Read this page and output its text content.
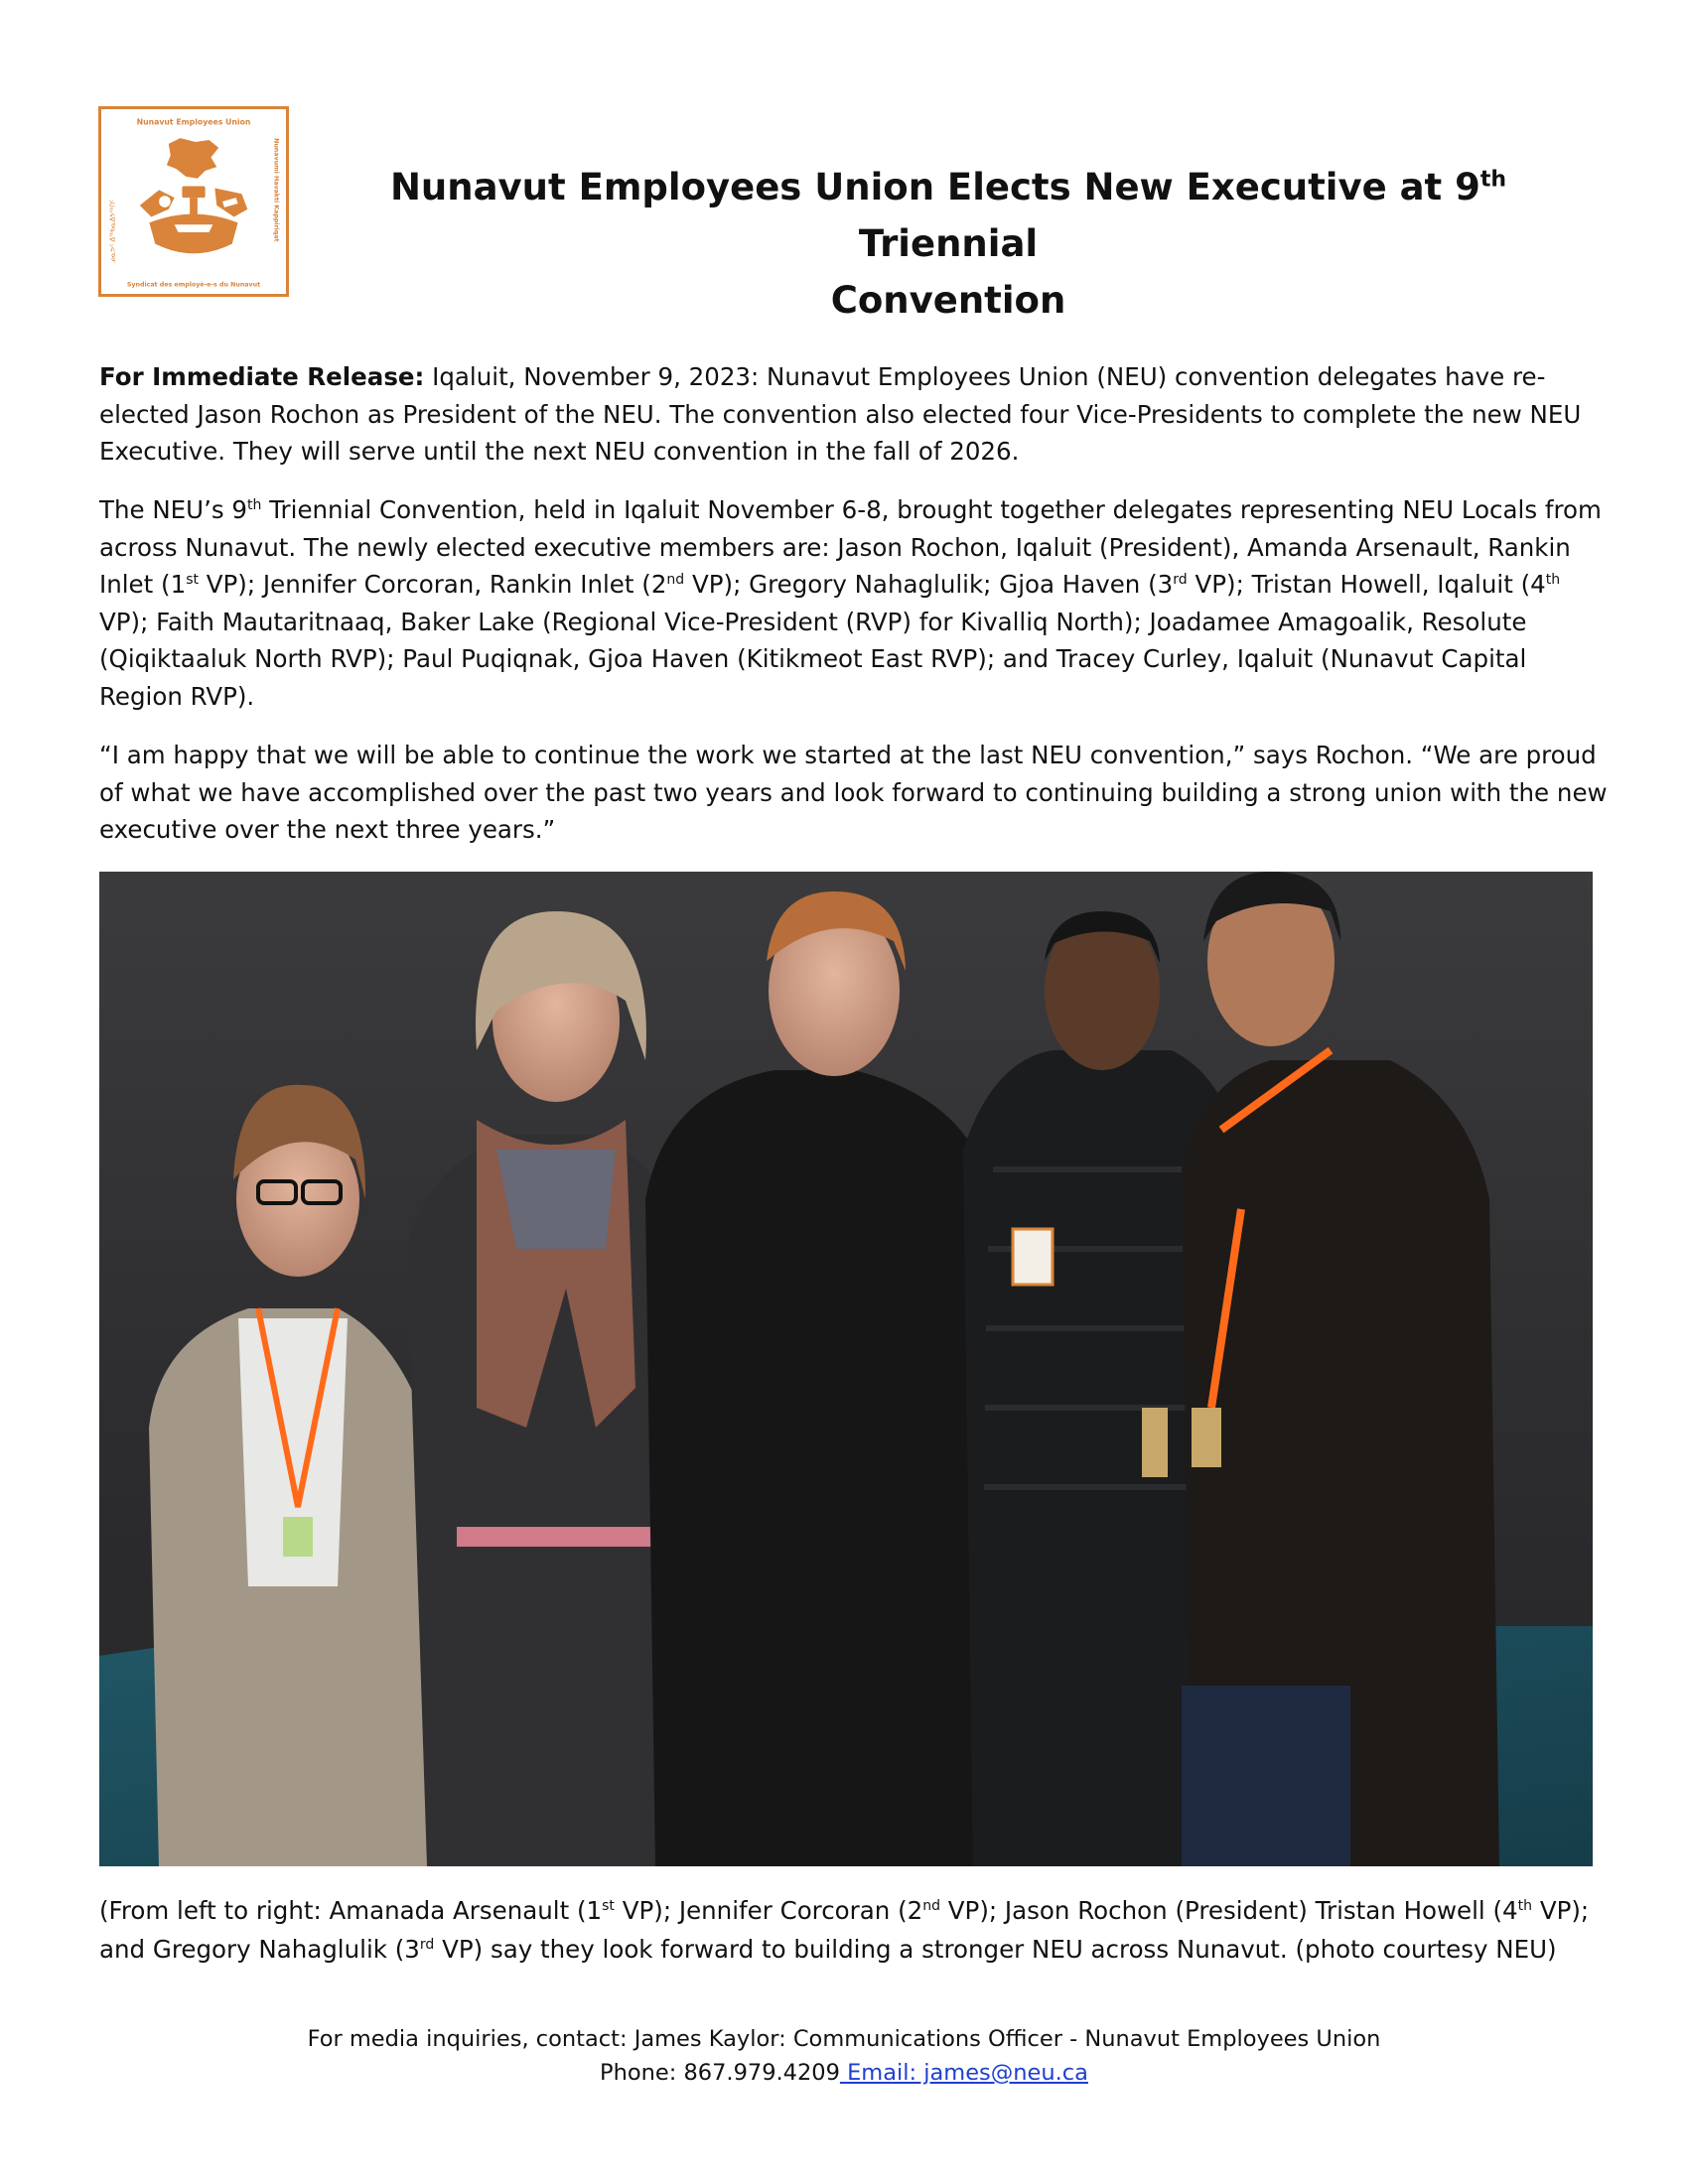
Nunavut Employees Union
Syndicat des employé-e-s du Nunavut
Nunavumi Havakti Kappiriqat
ᓄᓇᕗᑦ ᐃᖅᑲᓇᐃᔭᖅᑎᑦ
Nunavut Employees Union Elects New Executive at 9th Triennial
Convention

For Immediate Release: Iqaluit, November 9, 2023: Nunavut Employees Union (NEU) convention delegates have re-elected Jason Rochon as President of the NEU. The convention also elected four Vice-Presidents to complete the new NEU Executive. They will serve until the next NEU convention in the fall of 2026.

The NEU’s 9th Triennial Convention, held in Iqaluit November 6-8, brought together delegates representing NEU Locals from across Nunavut. The newly elected executive members are: Jason Rochon, Iqaluit (President), Amanda Arsenault, Rankin Inlet (1st VP); Jennifer Corcoran, Rankin Inlet (2nd VP); Gregory Nahaglulik; Gjoa Haven (3rd VP); Tristan Howell, Iqaluit (4th VP); Faith Mautaritnaaq, Baker Lake (Regional Vice-President (RVP) for Kivalliq North); Joadamee Amagoalik, Resolute (Qiqiktaaluk North RVP); Paul Puqiqnak, Gjoa Haven (Kitikmeot East RVP); and Tracey Curley, Iqaluit (Nunavut Capital Region RVP).

“I am happy that we will be able to continue the work we started at the last NEU convention,” says Rochon. “We are proud of what we have accomplished over the past two years and look forward to continuing building a strong union with the new executive over the next three years.”

(From left to right: Amanada Arsenault (1st VP); Jennifer Corcoran (2nd VP); Jason Rochon (President) Tristan Howell (4th VP); and Gregory Nahaglulik (3rd VP) say they look forward to building a stronger NEU across Nunavut. (photo courtesy NEU)

For media inquiries, contact: James Kaylor: Communications Officer - Nunavut Employees Union
Phone: 867.979.4209 Email: james@neu.ca
